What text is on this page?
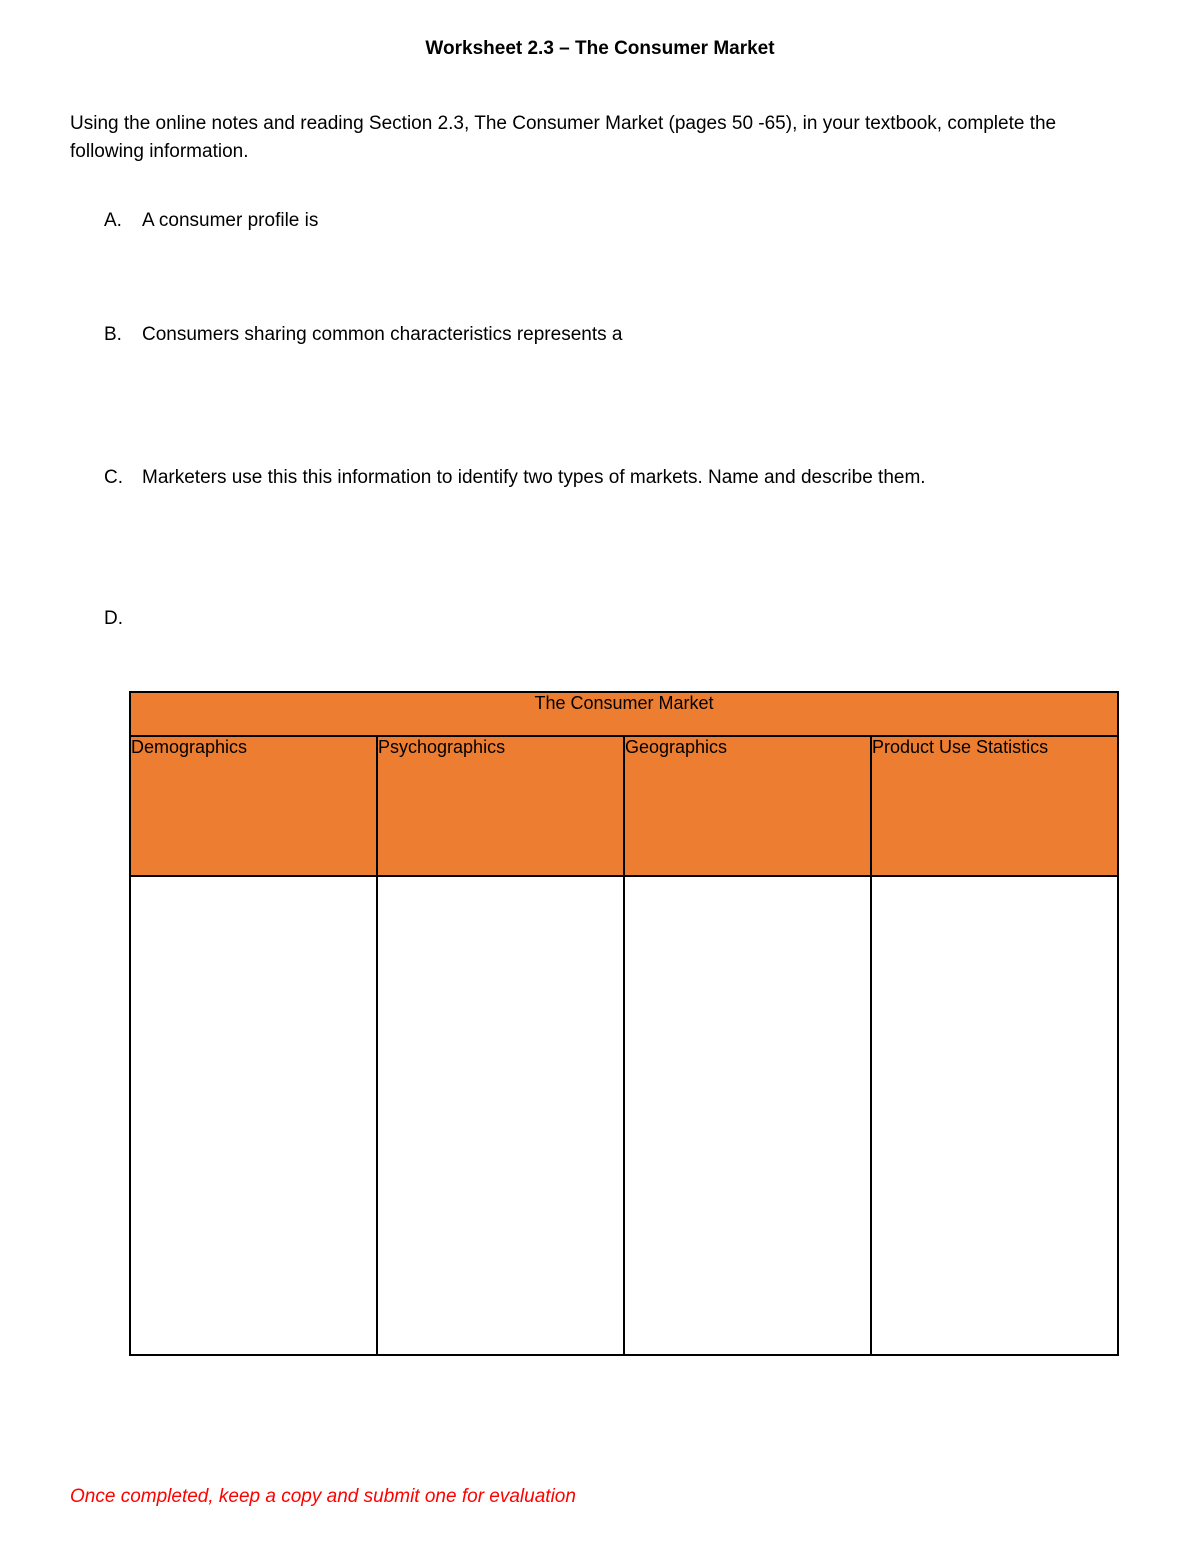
Worksheet 2.3 – The Consumer Market
Using the online notes and reading Section 2.3, The Consumer Market (pages 50 -65), in your textbook, complete the following information.
A. A consumer profile is
B. Consumers sharing common characteristics represents a
C. Marketers use this this information to identify two types of markets. Name and describe them.
D.
The Consumer Market			
Demographics	Psychographics	Geographics	Product Use Statistics

Once completed, keep a copy and submit one for evaluation
